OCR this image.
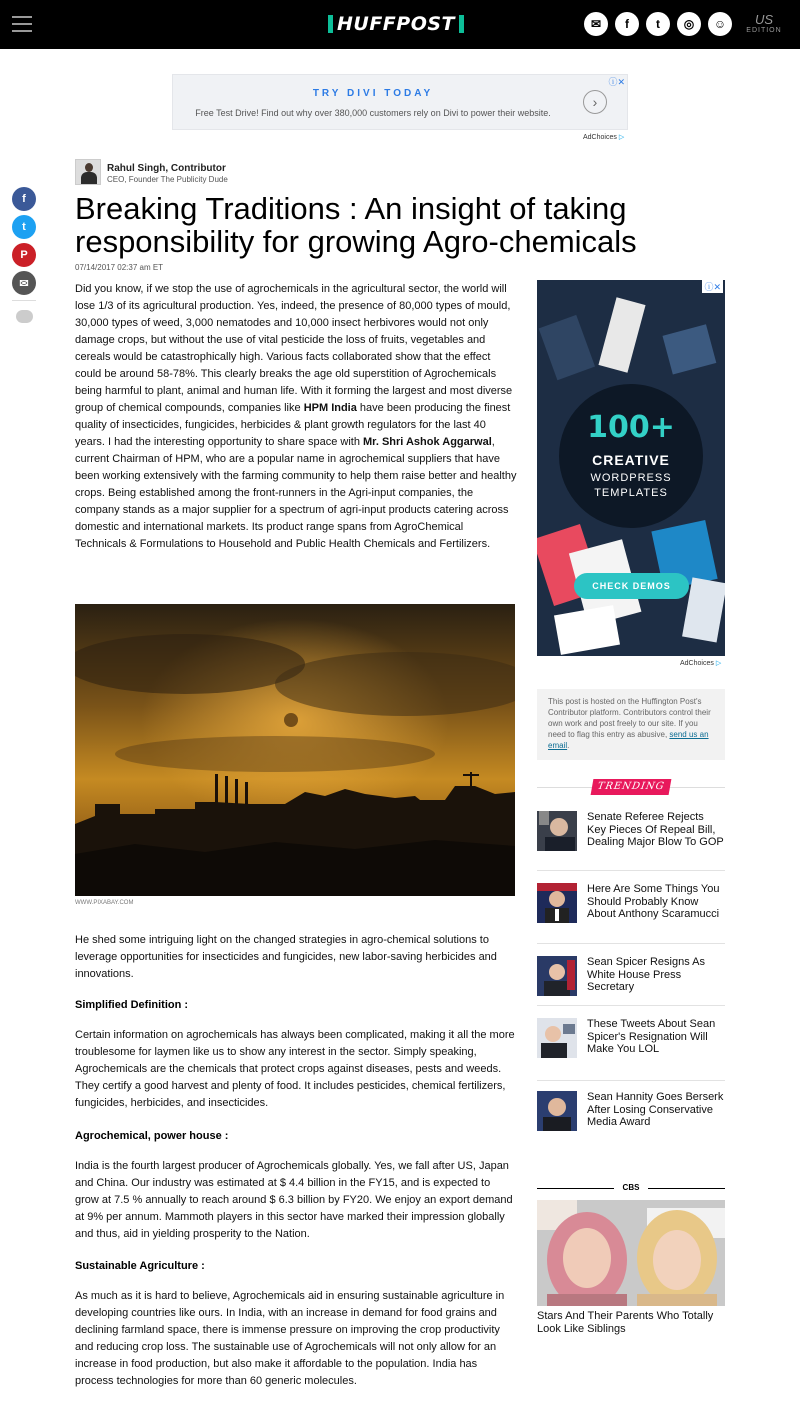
HUFFPOST	✉	f	t	◎	☺	US
EDITION
TRY DIVI TODAY
Free Test Drive! Find out why over 380,000 customers rely on Divi to power their website.
›
ⓘ✕
AdChoices ▷
Rahul Singh, Contributor
CEO, Founder The Publicity Dude
f
t
P
✉
Breaking Traditions : An insight of taking responsibility for growing Agro-chemicals
07/14/2017 02:37 am ET
Did you know, if we stop the use of agrochemicals in the agricultural sector, the world will lose 1/3 of its agricultural production. Yes, indeed, the presence of 80,000 types of mould, 30,000 types of weed, 3,000 nematodes and 10,000 insect herbivores would not only damage crops, but without the use of vital pesticide the loss of fruits, vegetables and cereals would be catastrophically high. Various facts collaborated show that the effect could be around 58-78%. This clearly breaks the age old superstition of Agrochemicals being harmful to plant, animal and human life. With it forming the largest and most diverse group of chemical compounds, companies like HPM India have been producing the finest quality of insecticides, fungicides, herbicides & plant growth regulators for the last 40 years. I had the interesting opportunity to share space with Mr. Shri Ashok Aggarwal, current Chairman of HPM, who are a popular name in agrochemical suppliers that have been working extensively with the farming community to help them raise better and healthy crops. Being established among the front-runners in the Agri-input companies, the company stands as a major supplier for a spectrum of agri-input products catering across domestic and international markets. Its product range spans from AgroChemical Technicals & Formulations to Household and Public Health Chemicals and Fertilizers.
WWW.PIXABAY.COM
He shed some intriguing light on the changed strategies in agro-chemical solutions to leverage opportunities for insecticides and fungicides, new labor-saving herbicides and innovations.
Simplified Definition :
Certain information on agrochemicals has always been complicated, making it all the more troublesome for laymen like us to show any interest in the sector. Simply speaking, Agrochemicals are the chemicals that protect crops against diseases, pests and weeds. They certify a good harvest and plenty of food. It includes pesticides, chemical fertilizers, fungicides, herbicides, and insecticides.
Agrochemical, power house :
India is the fourth largest producer of Agrochemicals globally. Yes, we fall after US, Japan and China. Our industry was estimated at $ 4.4 billion in the FY15, and is expected to grow at 7.5 % annually to reach around $ 6.3 billion by FY20. We enjoy an export demand at 9% per annum. Mammoth players in this sector have marked their impression globally and thus, aid in yielding prosperity to the Nation.
Sustainable Agriculture :
As much as it is hard to believe, Agrochemicals aid in ensuring sustainable agriculture in developing countries like ours. In India, with an increase in demand for food grains and declining farmland space, there is immense pressure on improving the crop productivity and reducing crop loss. The sustainable use of Agrochemicals will not only allow for an increase in food production, but also make it affordable to the population. India has process technologies for more than 60 generic molecules.
100+
CREATIVE
WORDPRESS
TEMPLATES
CHECK DEMOS
ⓘ✕
AdChoices ▷
This post is hosted on the Huffington Post's Contributor platform. Contributors control their own work and post freely to our site. If you need to flag this entry as abusive, send us an email.
TRENDING
Senate Referee Rejects Key Pieces Of Repeal Bill, Dealing Major Blow To GOP
Here Are Some Things You Should Probably Know About Anthony Scaramucci
Sean Spicer Resigns As White House Press Secretary
These Tweets About Sean Spicer's Resignation Will Make You LOL
Sean Hannity Goes Berserk After Losing Conservative Media Award
CBS
Stars And Their Parents Who Totally Look Like Siblings
